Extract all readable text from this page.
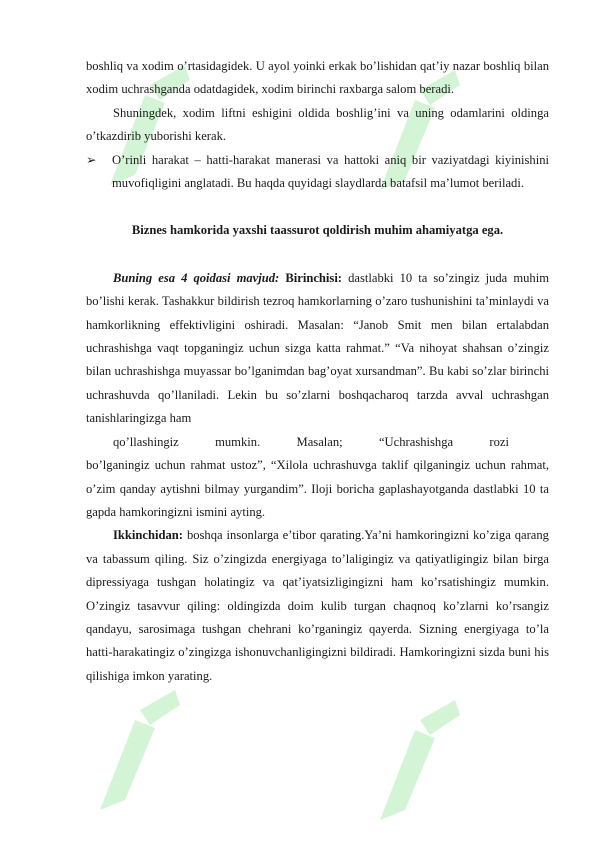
boshliq va xodim o’rtasidagidek. U ayol yoinki erkak bo’lishidan qat’iy nazar boshliq bilan xodim uchrashganda odatdagidek, xodim birinchi raxbarga salom beradi.

Shuningdek, xodim liftni eshigini oldida boshlig’ini va uning odamlarini oldinga o’tkazdirib yuborishi kerak.

➢	O’rinli harakat – hatti-harakat manerasi va hattoki aniq bir vaziyatdagi kiyinishini muvofiqligini anglatadi. Bu haqda quyidagi slaydlarda batafsil ma’lumot beriladi.

Biznes hamkorida yaxshi taassurot qoldirish muhim ahamiyatga ega.

Buning esa 4 qoidasi mavjud: Birinchisi: dastlabki 10 ta so’zingiz juda muhim bo’lishi kerak. Tashakkur bildirish tezroq hamkorlarning o’zaro tushunishini ta’minlaydi va hamkorlikning effektivligini oshiradi. Masalan: “Janob Smit men bilan ertalabdan uchrashishga vaqt topganingiz uchun sizga katta rahmat.” “Va nihoyat shahsan o’zingiz bilan uchrashishga muyassar bo’lganimdan bag’oyat xursandman”. Bu kabi so’zlar birinchi uchrashuvda qo’llaniladi. Lekin bu so’zlarni boshqacharoq tarzda avval uchrashgan tanishlaringizga ham

qo’llashingiz	mumkin.	Masalan;	“Uchrashishga	rozi

bo’lganingiz uchun rahmat ustoz”, “Xilola uchrashuvga taklif qilganingiz uchun rahmat, o’zim qanday aytishni bilmay yurgandim”. Iloji boricha gaplashayotganda dastlabki 10 ta gapda hamkoringizni ismini ayting.

Ikkinchidan: boshqa insonlarga e’tibor qarating.Ya’ni hamkoringizni ko’ziga qarang va tabassum qiling. Siz o’zingizda energiyaga to’laligingiz va qatiyatligingiz bilan birga dipressiyaga tushgan holatingiz va qat’iyatsizligingizni ham ko’rsatishingiz mumkin. O’zingiz tasavvur qiling: oldingizda doim kulib turgan chaqnoq ko’zlarni ko’rsangiz qandayu, sarosimaga tushgan chehrani ko’rganingiz qayerda. Sizning energiyaga to’la hatti-harakatingiz o’zingizga ishonuvchanligingizni bildiradi. Hamkoringizni sizda buni his qilishiga imkon yarating.
